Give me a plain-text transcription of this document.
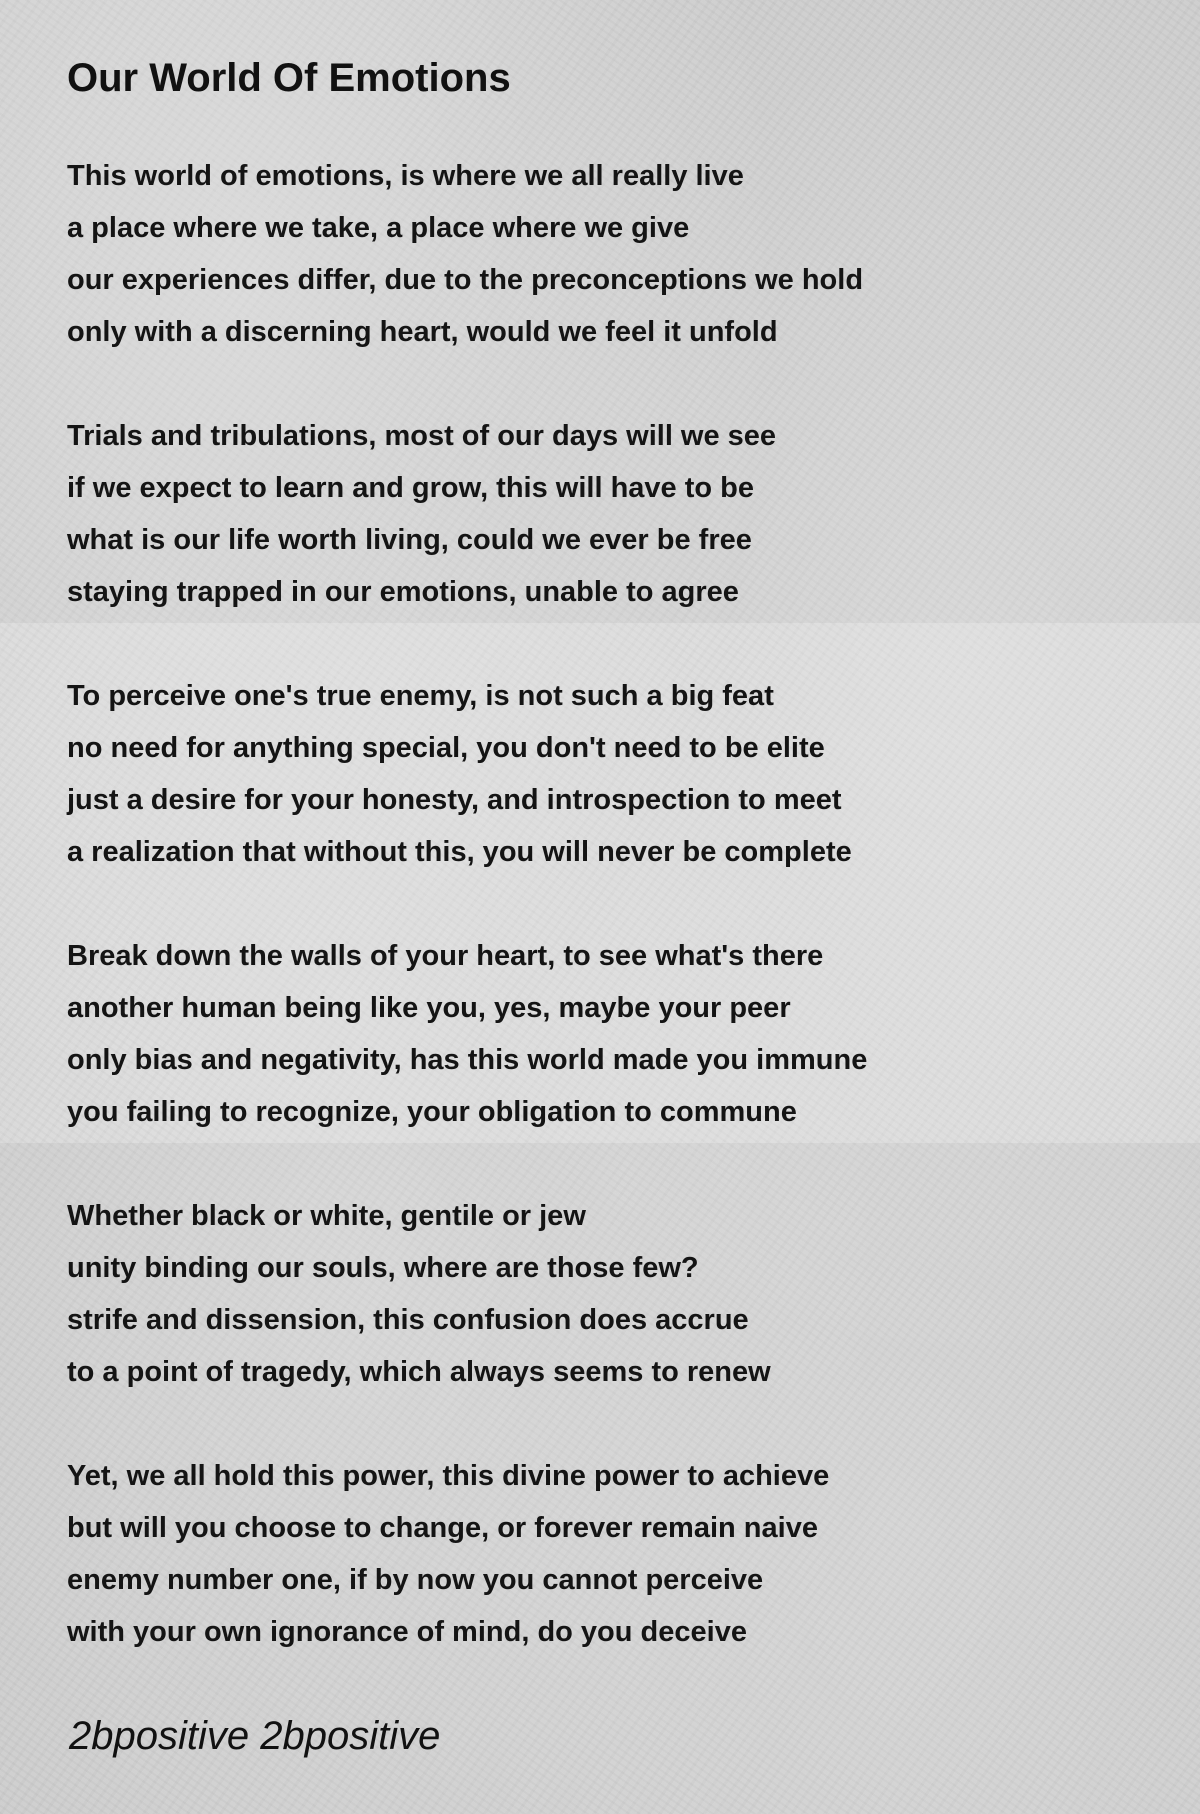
Our World Of Emotions

This world of emotions, is where we all really live
a place where we take, a place where we give
our experiences differ, due to the preconceptions we hold
only with a discerning heart, would we feel it unfold

Trials and tribulations, most of our days will we see
if we expect to learn and grow, this will have to be
what is our life worth living, could we ever be free
staying trapped in our emotions, unable to agree

To perceive one's true enemy, is not such a big feat
no need for anything special, you don't need to be elite
just a desire for your honesty, and introspection to meet
a realization that without this, you will never be complete

Break down the walls of your heart, to see what's there
another human being like you, yes, maybe your peer
only bias and negativity, has this world made you immune
you failing to recognize, your obligation to commune

Whether black or white, gentile or jew
unity binding our souls, where are those few?
strife and dissension, this confusion does accrue
to a point of tragedy, which always seems to renew

Yet, we all hold this power, this divine power to achieve
but will you choose to change, or forever remain naive
enemy number one, if by now you cannot perceive
with your own ignorance of mind, do you deceive

2bpositive 2bpositive
